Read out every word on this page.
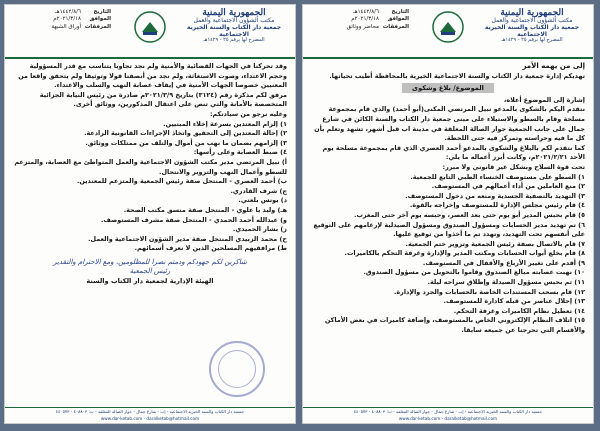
الجمهورية اليمنية
مكتب الشؤون الاجتماعية والعمل
جمعية دار الكتاب والسنة الخيرية الاجتماعية
المصرح لها برقم ٢٥ - ١٤٢٩هـ
التاريخ١٤٤٢/٨/٦هـ
الموافق٢٠٢١/٣/١٨م
المرفقاتأوراق الشبهة

وقد تحركنا في الجهات القضائية والأمنية ولم نجد تجاوبا يتناسب مع قدر المسؤولية وحجم الاعتداء، وصوت الاستغاثة، ولم نجد من أنصفنا قولا وتوثيقا ولم يتحقق واقعا من المعنيين خصوصا الجهات الأمنية في إيقاف عصابة النهب والسلب والاعتداء.

مرفق لكم مذكرة رقم (٣١٢٤) بتاريخ ٢٠٢١/٣/٩م صادرة من رئيس النيابة الجزائية المتخصصة بالأمانة والتي تنص على اعتقال المذكورين، ووثائق أخرى.

وعليه نرجو من سيادتكم:

١) إلزام المعتدين بسرعة إخلاء المبنيين.

٢) إحالة المعتدين إلى التحقيق واتخاذ الإجراءات القانونية الرادعة.

٣) إلزامهم بضمان ما نهب من أموال والتلف من ممتلكات ووثائق.

٤) ضبط العصابة وعلى رأسها:

أ) نبيل المرتضي مدير مكتب الشؤون الاجتماعية والعمل المتواطئ مع العصابة، والمتزعم للسطو وأعمال النهب والتزوير والانتحال.

ب) أحمد العصري - المنتحل صفة رئيس الجمعية والمتزعم للمعتدين.

ج) شرف القادري.

د) يونس بلعتي.

هـ) وليد با علوي - المنتحل صفة منسق مكتب الصحة.

و) عبدالله أحمد الحمدي - المنتحل صفة مشرف المستوصف.

ز) بشار الحميدي.

ح) محمد الزبيدي المنتحل صفة مدير الشؤون الاجتماعية والعمل.

ط) مرافقيهم المسلحين الذين لا نعرف أسمائهم.

شاكرين لكم جهودكم ودمتم نصرا للمظلومين، ومع الاحترام والتقدير
رئيس الجمعية
الهيئة الإدارية لجمعية دار الكتاب والسنة
جمعية دار الكتاب والسنة الخيرية الاجتماعية - إب - شارع جمال - جوار الصالة المغلقة - ت: ٤٠٨٨٠٣ - ٤٤٠٥٧٣
www.dar-ketab.com - daralketab@hotmail.com
الجمهورية اليمنية
مكتب الشؤون الاجتماعية والعمل
جمعية دار الكتاب والسنة الخيرية الاجتماعية
المصرح لها برقم ٢٥ - ١٤٢٩هـ
التاريخ١٤٤٢/٨/٦هـ
الموافق٢٠٢١/٣/١٨م
المرفقاتمحاضر ووثائق

إلى من يهمه الأمر

تهديكم إدارة جمعية دار الكتاب والسنة الاجتماعية الخيرية بالمحافظة أطيب تحياتها.

الموضوع/ بلاغ وشكوى

إشارة إلى الموضوع أعلاه،

نتقدم اليكم بالشكوى بالمدعو نبيل المرتضي المكنى(أبو أحمد) والذي قام بمجموعة مسلحة وقام بالسطو والاستيلاء على مبنى جمعية دار الكتاب والسنة الكائن في شارع جمال على جانب الجمعية جوار الصالة المغلقة في مدينة اب قبل أشهر، تشهد وتعلم بأن كل ما فيه وحراسته وتمركز فيه حتى اللحظة.

كما نتقدم لكم بالبلاغ والشكوى بالمدعو أحمد العصري الذي قام بمجموعة مسلحة يوم الأحد ٢٠٢١/٢/٢١م، وكانت أبرز أعماله ما يلي:

تحت قوة السلاح وبشكل غير قانوني ولا مبرر:

١) السطو على مستوصف الخنساء الطبي التابع للجمعية.

٢) منع العاملين من أداء أعمالهم في المستوصف.

٣) التهديد بالتصفية الجسدية ومنعه من دخول المستوصف.

٤) قام رئيس مجلس الإدارة للمستوصف وإخراجه بالقوة.

٥) قام بحبس المدير أبو يوم حتى بعد العصر، وحبسه يوم آخر حتى المغرب.

٦) تم تهديد مدير الحسابات ومسؤول الصندوق ومسؤول الصيدلية لإرغامهم على التوقيع على أنفسهم تحت التهديد، وتهدد تم ما أخذوا من توقيع عليها.

٧) قام بالاتصال بصفة رئيس الجمعية وتزوير ختم الجمعية.

٨) قام بخلع أبواب الحسابات ومكتب المدير والإدارة وغرفة التحكم بالكاميرات.

٩) أقدم على تغيير الأرباع والأقفال في المستوصف.

١٠) نهبت عصابته مبالغ الصندوق وقاموا بالتحويل من مسؤول الصندوق.

١١) تم بحبس مسؤول الصيدلة وإطلاق سراحه ليلة.

١٢) قام بسحب المستندات الخاصة بالحسابات والجرد والإدارة.

١٣) إحلال عناصر من قبله كادارة للمستوصف.

١٤) تعطيل نظام الكاميرات وغرفة التحكم.

١٥) اتلاف النظام الإلكتروني الخاص بالمستوصف، وإضافة كاميرات في بعض الأماكن والأقسام التي تحرجنا عن جميعه سابقا.

جمعية دار الكتاب والسنة الخيرية الاجتماعية - إب - شارع جمال - جوار الصالة المغلقة - ت: ٤٠٨٨٠٣ - ٤٤٠٥٧٣
www.dar-ketab.com - daralketab@hotmail.com
